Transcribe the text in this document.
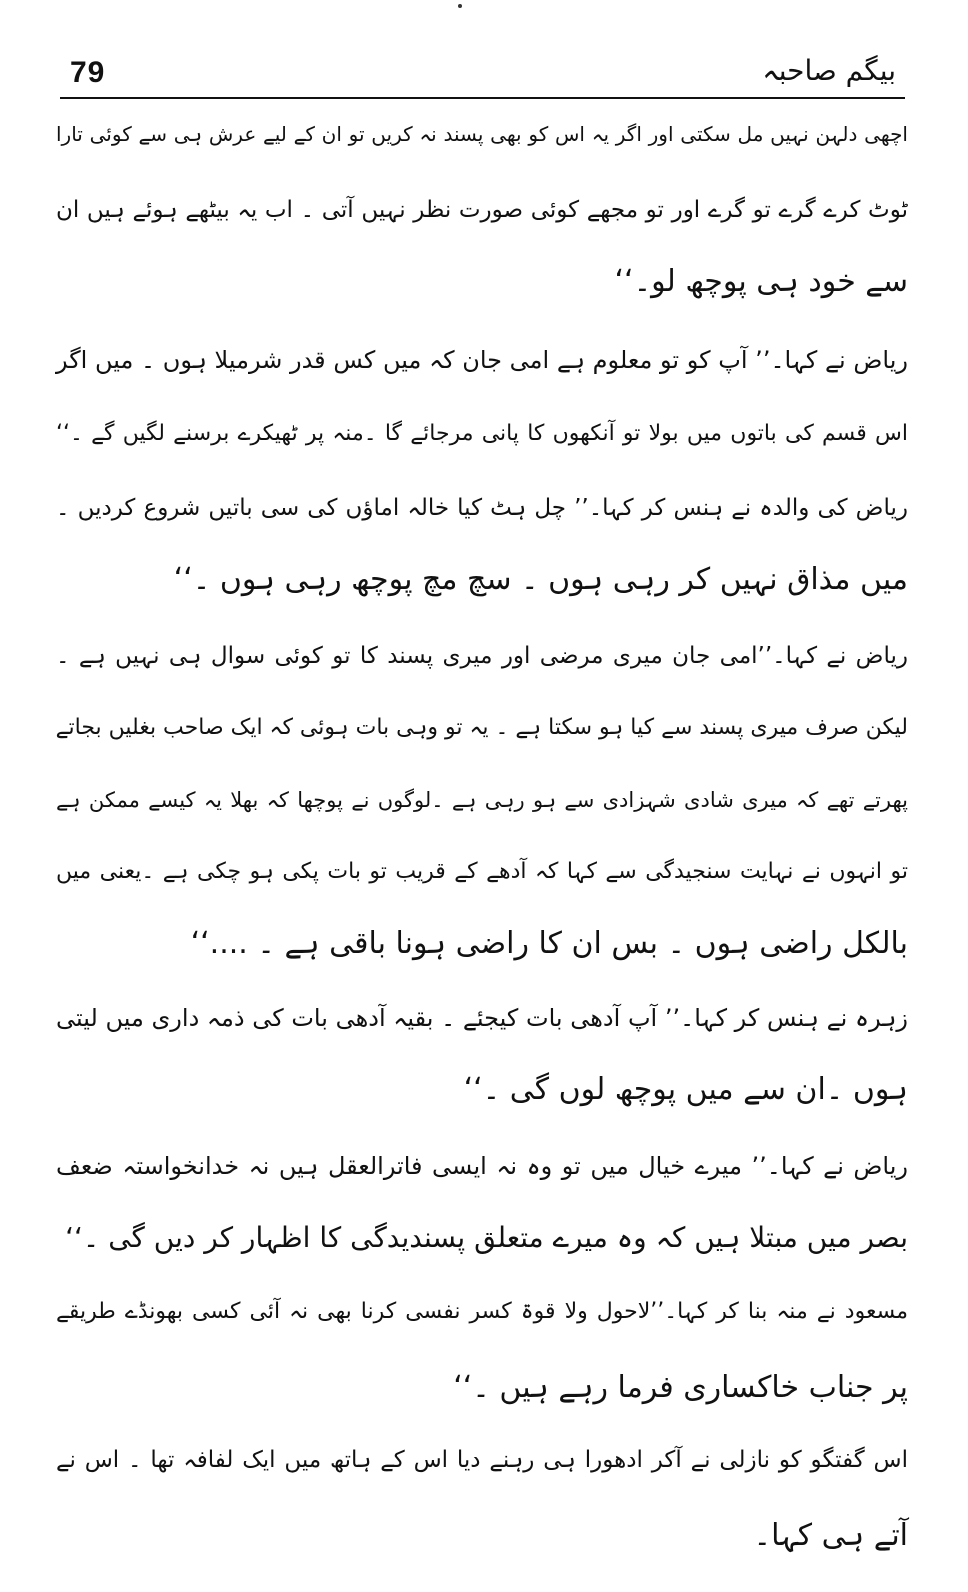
79	بیگم صاحبہ
اچھی دلہن نہیں مل سکتی اور اگر یہ اس کو بھی پسند نہ کریں تو ان کے لیے عرش ہی سے کوئی تارا
ٹوٹ کرے گرے تو گرے اور تو مجھے کوئی صورت نظر نہیں آتی ۔ اب یہ بیٹھے ہوئے ہیں ان
سے خود ہی پوچھ لو۔‘‘
ریاض نے کہا۔’’ آپ کو تو معلوم ہے امی جان کہ میں کس قدر شرمیلا ہوں ۔ میں اگر
اس قسم کی باتوں میں بولا تو آنکھوں کا پانی مرجائے گا ۔منہ پر ٹھیکرے برسنے لگیں گے ۔‘‘
ریاض کی والدہ نے ہنس کر کہا۔’’ چل ہٹ کیا خالہ اماؤں کی سی باتیں شروع کردیں ۔
میں مذاق نہیں کر رہی ہوں ۔ سچ مچ پوچھ رہی ہوں ۔‘‘
ریاض نے کہا۔’’امی جان میری مرضی اور میری پسند کا تو کوئی سوال ہی نہیں ہے ۔
لیکن صرف میری پسند سے کیا ہو سکتا ہے ۔ یہ تو وہی بات ہوئی کہ ایک صاحب بغلیں بجاتے
پھرتے تھے کہ میری شادی شہزادی سے ہو رہی ہے ۔لوگوں نے پوچھا کہ بھلا یہ کیسے ممکن ہے
تو انہوں نے نہایت سنجیدگی سے کہا کہ آدھے کے قریب تو بات پکی ہو چکی ہے ۔یعنی میں
بالکل راضی ہوں ۔ بس ان کا راضی ہونا باقی ہے ۔ ....‘‘
زہرہ نے ہنس کر کہا۔’’ آپ آدھی بات کیجئے ۔ بقیہ آدھی بات کی ذمہ داری میں لیتی
ہوں ۔ان سے میں پوچھ لوں گی ۔‘‘
ریاض نے کہا۔’’ میرے خیال میں تو وہ نہ ایسی فاترالعقل ہیں نہ خدانخواستہ ضعف
بصر میں مبتلا ہیں کہ وہ میرے متعلق پسندیدگی کا اظہار کر دیں گی ۔‘‘
مسعود نے منہ بنا کر کہا۔’’لاحول ولا قوۃ کسر نفسی کرنا بھی نہ آئی کسی بھونڈے طریقے
پر جناب خاکساری فرما رہے ہیں ۔‘‘
اس گفتگو کو نازلی نے آکر ادھورا ہی رہنے دیا اس کے ہاتھ میں ایک لفافہ تھا ۔ اس نے
آتے ہی کہا۔
